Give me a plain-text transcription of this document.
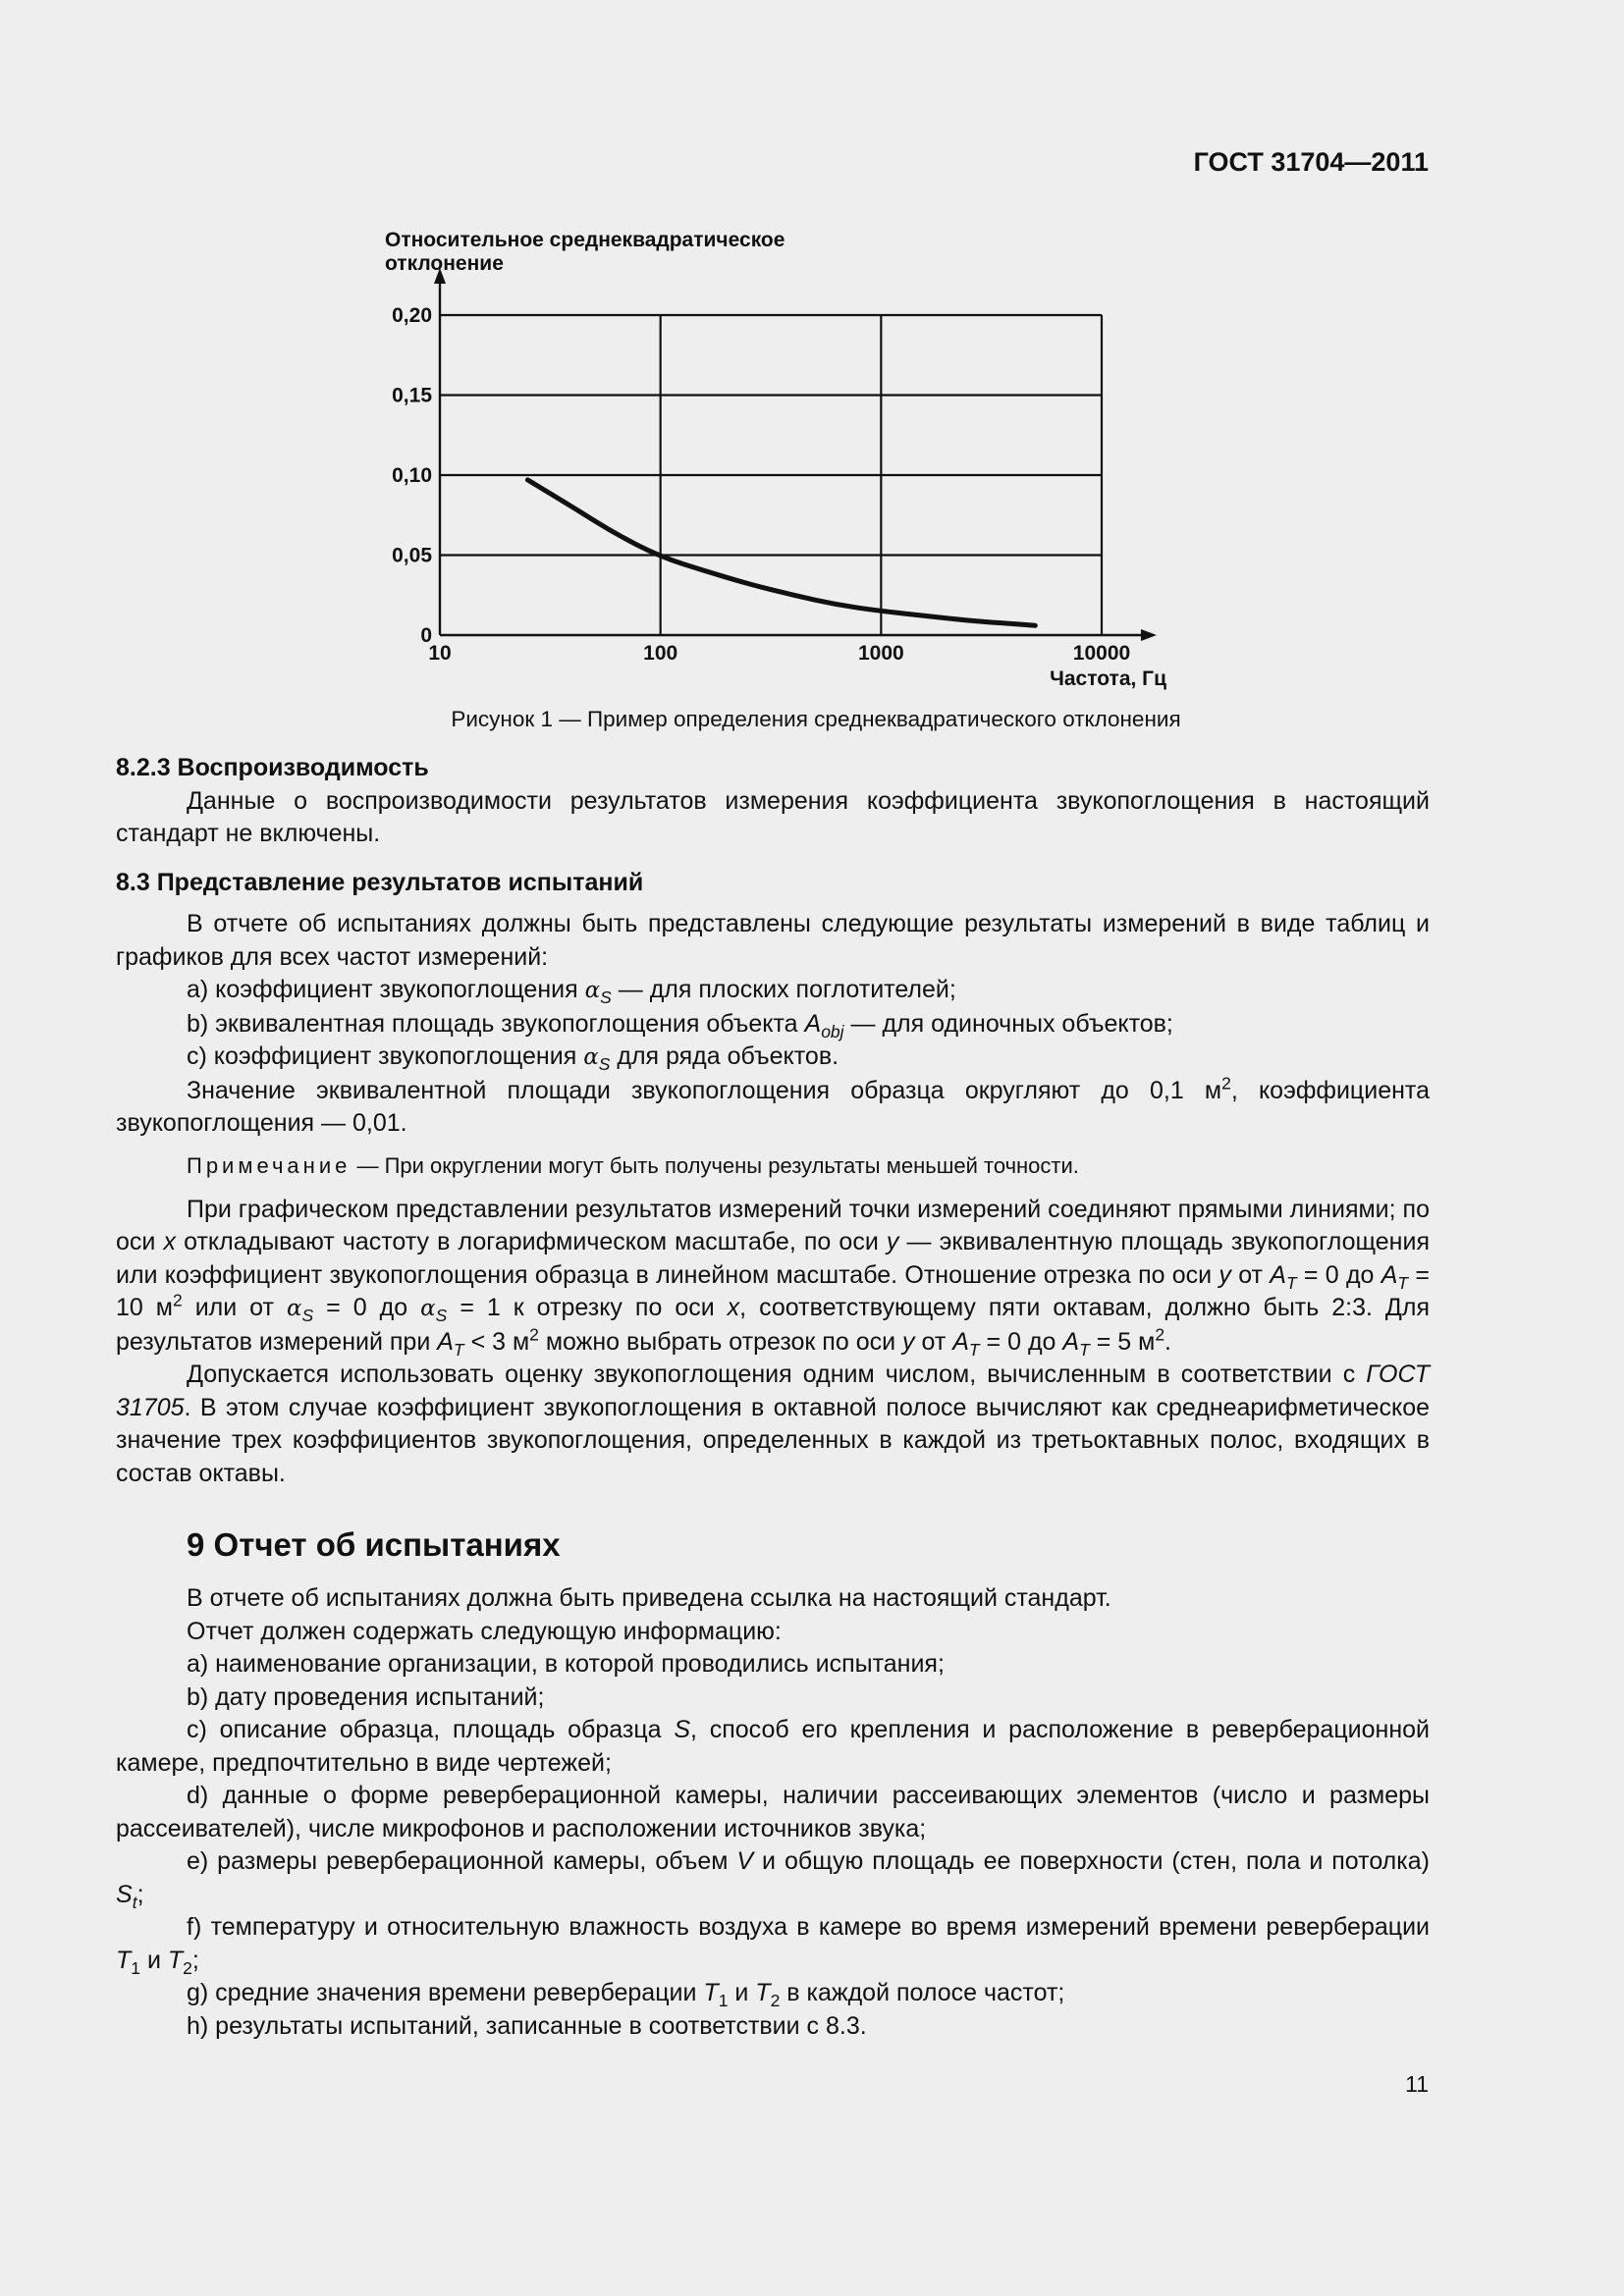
ГОСТ 31704—2011
10	100	1000	10000
0
0,05
0,10
0,15
0,20
Относительное среднеквадратическое
отклонение
Частота, Гц
Рисунок 1 — Пример определения среднеквадратического отклонения

8.2.3 Воспроизводимость

Данные о воспроизводимости результатов измерения коэффициента звукопоглощения в настоящий стандарт не включены.

8.3 Представление результатов испытаний

В отчете об испытаниях должны быть представлены следующие результаты измерений в виде таблиц и графиков для всех частот измерений:

a) коэффициент звукопоглощения $\alpha_S$ — для плоских поглотителей;

b) эквивалентная площадь звукопоглощения объекта $A_{obj}$ — для одиночных объектов;

c) коэффициент звукопоглощения $\alpha_S$ для ряда объектов.

Значение эквивалентной площади звукопоглощения образца округляют до 0,1 $м^2$, коэффициента звукопоглощения — 0,01.

Примечание — При округлении могут быть получены результаты меньшей точности.

При графическом представлении результатов измерений точки измерений соединяют прямыми линиями; по оси x откладывают частоту в логарифмическом масштабе, по оси y — эквивалентную площадь звукопоглощения или коэффициент звукопоглощения образца в линейном масштабе. Отношение отрезка по оси y от $A_T = 0$ до $A_T = 10$ $м^2$ или от $\alpha_S = 0$ до $\alpha_S = 1$ к отрезку по оси x, соответствующему пяти октавам, должно быть 2:3. Для результатов измерений при $A_T < 3$ $м^2$ можно выбрать отрезок по оси y от $A_T = 0$ до $A_T = 5$ $м^2$.

Допускается использовать оценку звукопоглощения одним числом, вычисленным в соответствии с ГОСТ 31705. В этом случае коэффициент звукопоглощения в октавной полосе вычисляют как среднеарифметическое значение трех коэффициентов звукопоглощения, определенных в каждой из третьоктавных полос, входящих в состав октавы.

9 Отчет об испытаниях

В отчете об испытаниях должна быть приведена ссылка на настоящий стандарт.

Отчет должен содержать следующую информацию:

a) наименование организации, в которой проводились испытания;

b) дату проведения испытаний;

c) описание образца, площадь образца S, способ его крепления и расположение в реверберационной камере, предпочтительно в виде чертежей;

d) данные о форме реверберационной камеры, наличии рассеивающих элементов (число и размеры рассеивателей), числе микрофонов и расположении источников звука;

e) размеры реверберационной камеры, объем V и общую площадь ее поверхности (стен, пола и потолка) $S_t$;

f) температуру и относительную влажность воздуха в камере во время измерений времени реверберации $T_1$ и $T_2$;

g) средние значения времени реверберации $T_1$ и $T_2$ в каждой полосе частот;

h) результаты испытаний, записанные в соответствии с 8.3.

11
